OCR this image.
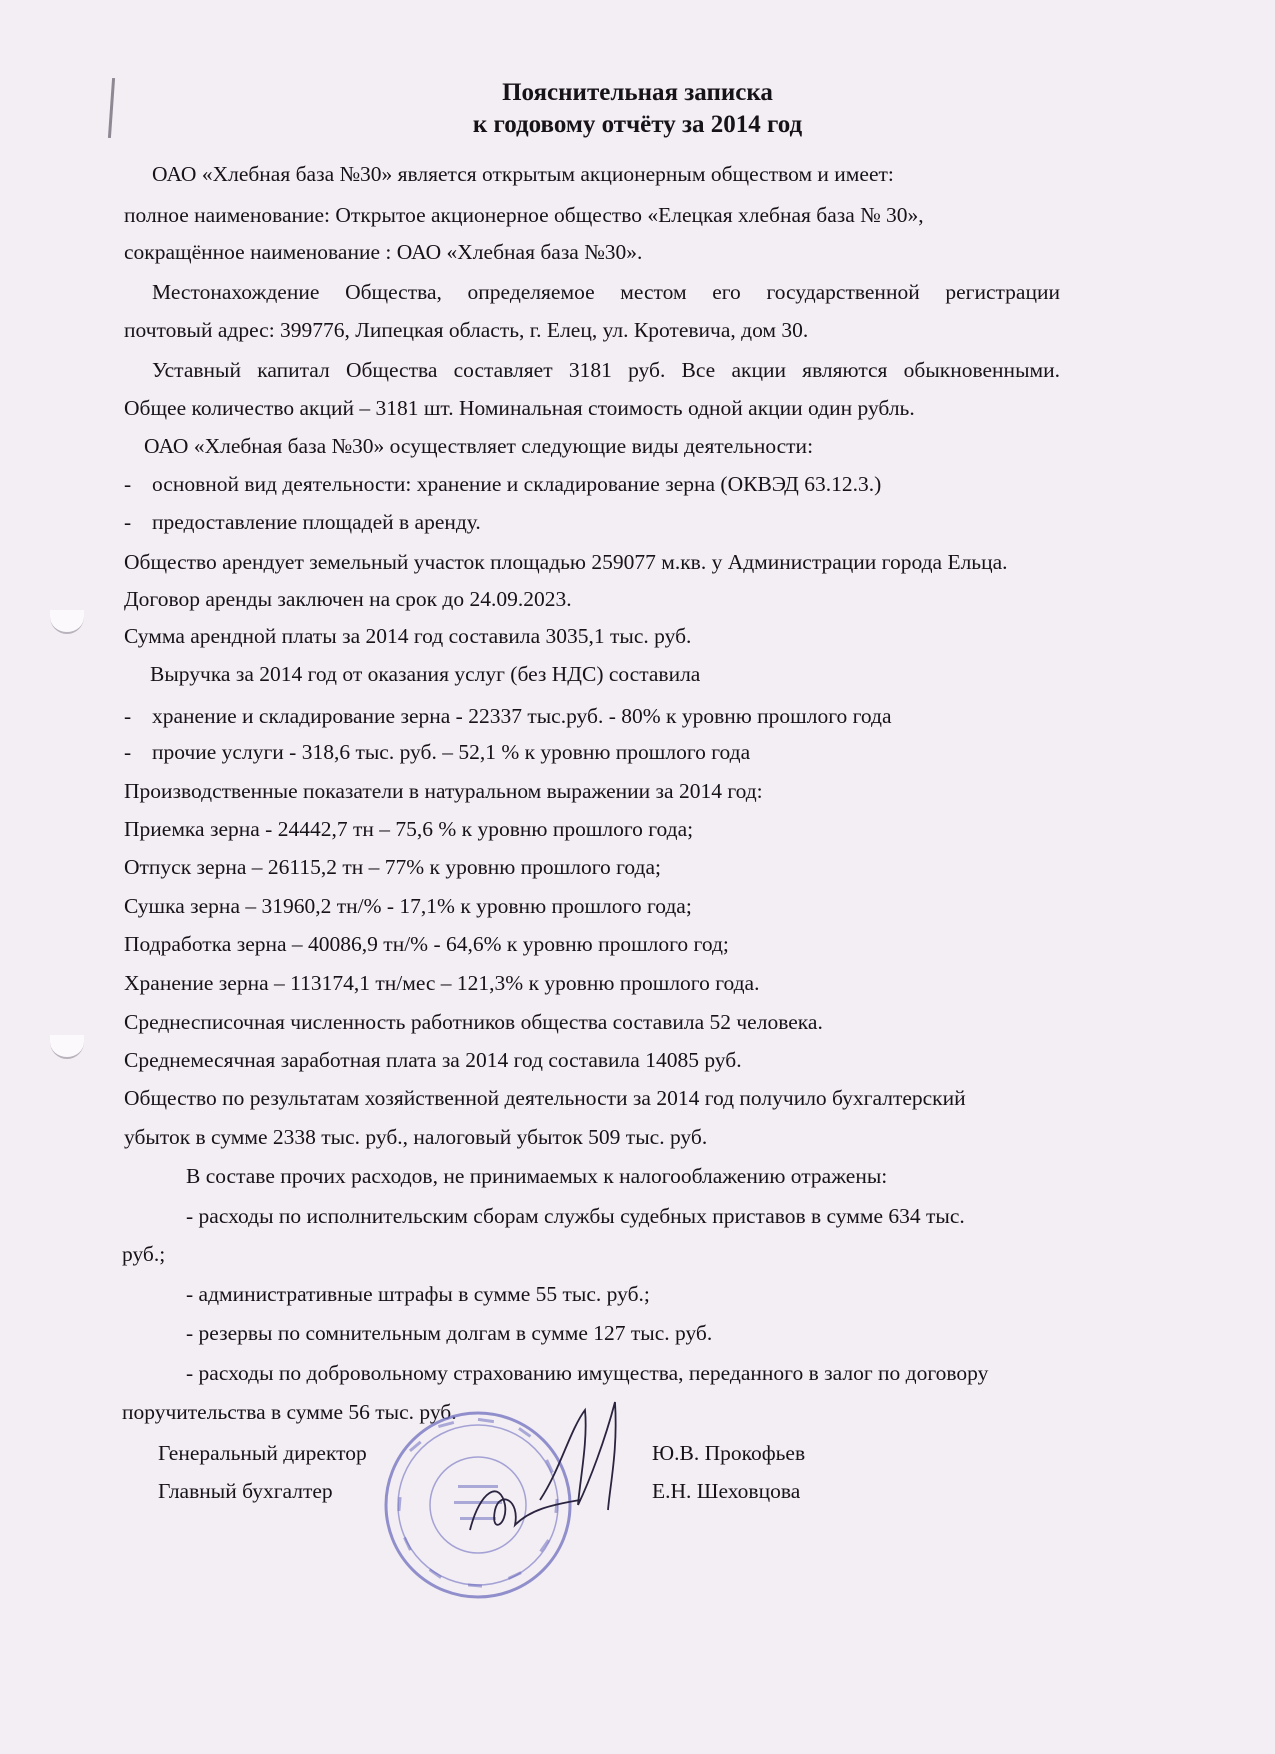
Пояснительная записка
к годовому отчёту за 2014 год
ОАО «Хлебная база №30» является открытым акционерным обществом и имеет:
полное наименование: Открытое акционерное общество «Елецкая хлебная база № 30»,
сокращённое наименование : ОАО «Хлебная база №30».
Местонахождение Общества, определяемое местом его государственной регистрации
почтовый адрес: 399776, Липецкая область, г. Елец, ул. Кротевича, дом 30.
Уставный капитал Общества составляет 3181 руб. Все акции являются обыкновенными.
Общее количество акций – 3181 шт. Номинальная стоимость одной акции один рубль.
ОАО «Хлебная база №30» осуществляет следующие виды деятельности:
- основной вид деятельности: хранение и складирование зерна (ОКВЭД 63.12.3.)
- предоставление площадей в аренду.
Общество арендует земельный участок площадью 259077 м.кв. у Администрации города Ельца.
Договор аренды заключен на срок до 24.09.2023.
Сумма арендной платы за 2014 год составила 3035,1 тыс. руб.
Выручка за 2014 год от оказания услуг (без НДС) составила
- хранение и складирование зерна - 22337 тыс.руб. - 80% к уровню прошлого года
- прочие услуги - 318,6 тыс. руб. – 52,1 % к уровню прошлого года
Производственные показатели в натуральном выражении за 2014 год:
Приемка зерна - 24442,7 тн – 75,6 % к уровню прошлого года;
Отпуск зерна – 26115,2 тн – 77% к уровню прошлого года;
Сушка зерна – 31960,2 тн/% - 17,1% к уровню прошлого года;
Подработка зерна – 40086,9 тн/% - 64,6% к уровню прошлого год;
Хранение зерна – 113174,1 тн/мес – 121,3% к уровню прошлого года.
Среднесписочная численность работников общества составила 52 человека.
Среднемесячная заработная плата за 2014 год составила 14085 руб.
Общество по результатам хозяйственной деятельности за 2014 год получило бухгалтерский
убыток в сумме 2338 тыс. руб., налоговый убыток 509 тыс. руб.
В составе прочих расходов, не принимаемых к налогооблажению отражены:
- расходы по исполнительским сборам службы судебных приставов в сумме 634 тыс.
руб.;
- административные штрафы в сумме 55 тыс. руб.;
- резервы по сомнительным долгам в сумме 127 тыс. руб.
- расходы по добровольному страхованию имущества, переданного в залог по договору
поручительства в сумме 56 тыс. руб.
Генеральный директор	Ю.В. Прокофьев
Главный бухгалтер	Е.Н. Шеховцова
